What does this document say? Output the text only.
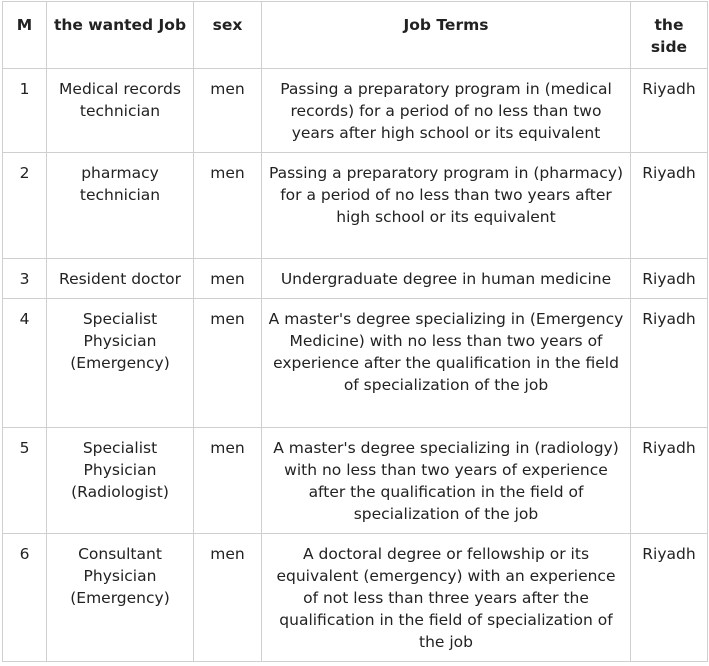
M	the wanted Job	sex	Job Terms	the side
1	Medical records technician	men	Passing a preparatory program in (medical records) for a period of no less than two years after high school or its equivalent	Riyadh
2	pharmacy technician	men	Passing a preparatory program in (pharmacy) for a period of no less than two years after high school or its equivalent	Riyadh
3	Resident doctor	men	Undergraduate degree in human medicine	Riyadh
4	Specialist Physician (Emergency)	men	A master's degree specializing in (Emergency Medicine) with no less than two years of experience after the qualification in the field of specialization of the job	Riyadh
5	Specialist Physician (Radiologist)	men	A master's degree specializing in (radiology) with no less than two years of experience after the qualification in the field of specialization of the job	Riyadh
6	Consultant Physician (Emergency)	men	A doctoral degree or fellowship or its equivalent (emergency) with an experience of not less than three years after the qualification in the field of specialization of the job	Riyadh
